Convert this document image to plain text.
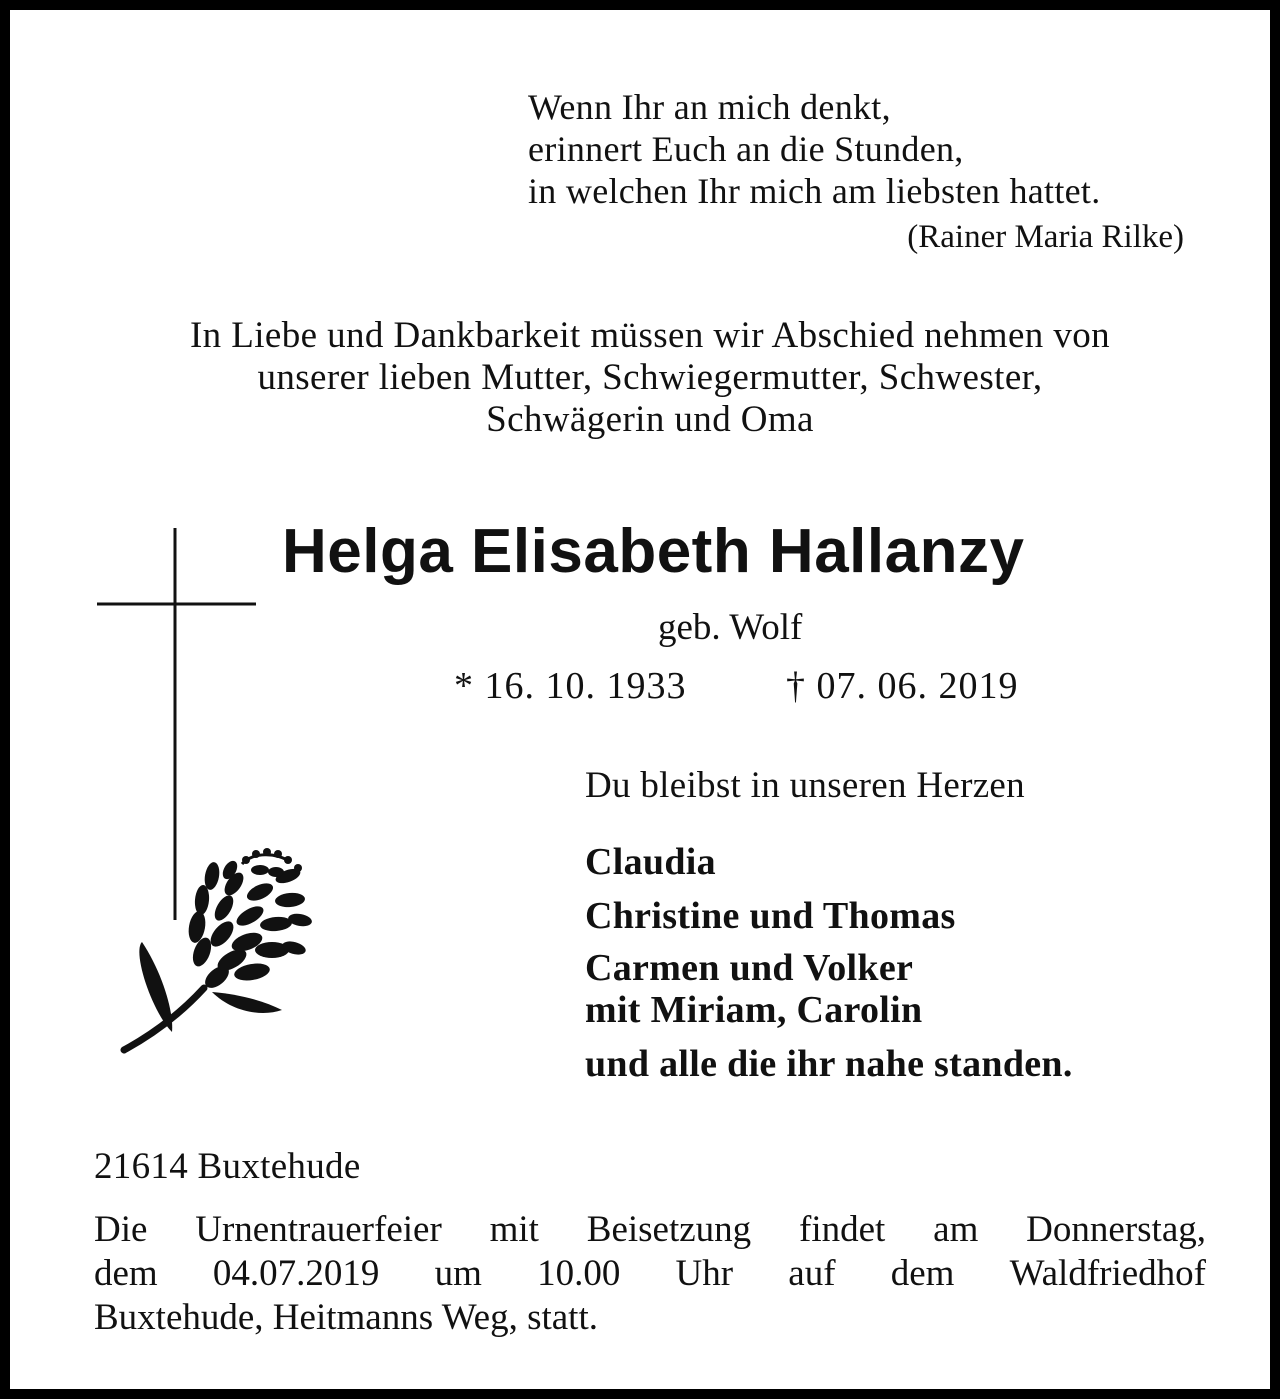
Wenn Ihr an mich denkt,
erinnert Euch an die Stunden,
in welchen Ihr mich am liebsten hattet.
(Rainer Maria Rilke)
In Liebe und Dankbarkeit müssen wir Abschied nehmen von
unserer lieben Mutter, Schwiegermutter, Schwester,
Schwägerin und Oma
Helga Elisabeth Hallanzy
geb. Wolf
* 16. 10. 1933	† 07. 06. 2019
Du bleibst in unseren Herzen
Claudia
Christine und Thomas
Carmen und Volker
mit Miriam, Carolin
und alle die ihr nahe standen.
21614 Buxtehude
Die Urnentrauerfeier mit Beisetzung findet am Donnerstag,
dem 04.07.2019 um 10.00 Uhr auf dem Waldfriedhof
Buxtehude, Heitmanns Weg, statt.
